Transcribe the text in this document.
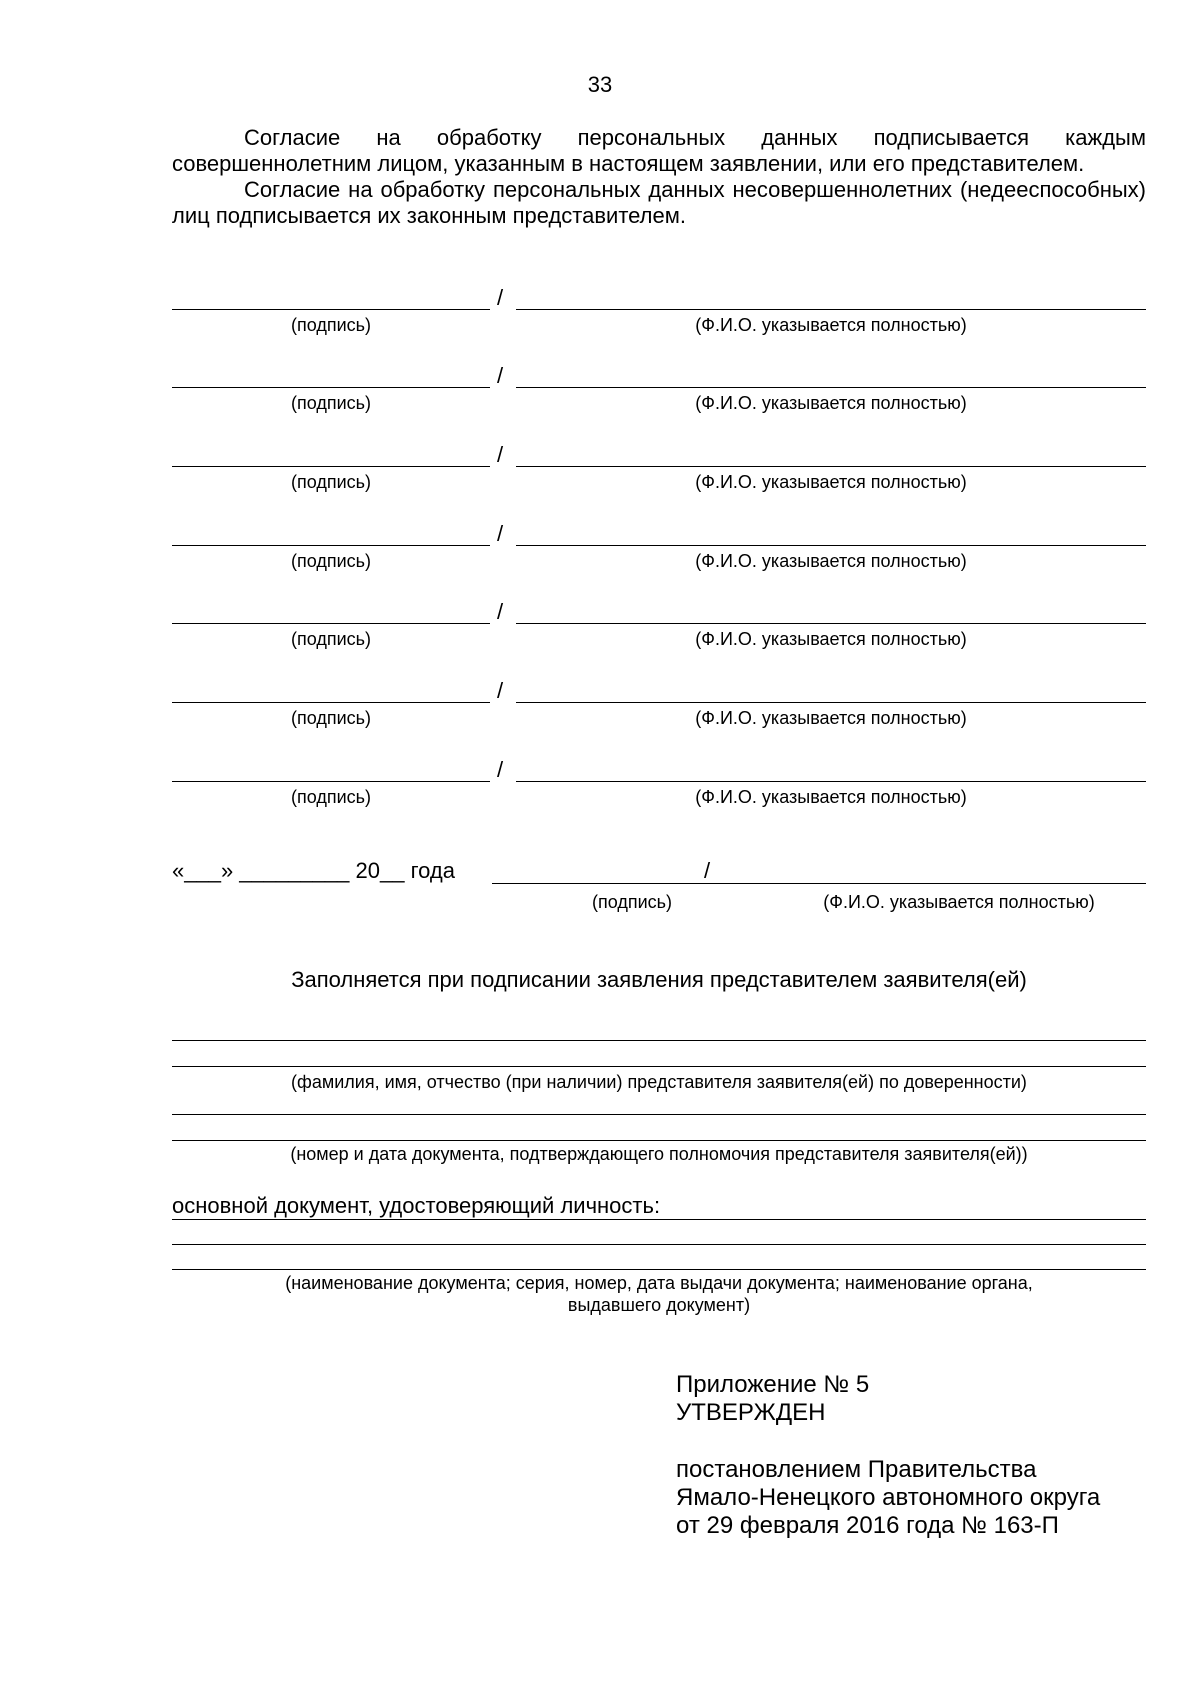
33

Согласие на обработку персональных данных подписывается каждым совершеннолетним лицом, указанным в настоящем заявлении, или его представителем.

Согласие на обработку персональных данных несовершеннолетних (недееспособных) лиц подписывается их законным представителем.

/
(подпись)	(Ф.И.О. указывается полностью)
/
(подпись)	(Ф.И.О. указывается полностью)
/
(подпись)	(Ф.И.О. указывается полностью)
/
(подпись)	(Ф.И.О. указывается полностью)
/
(подпись)	(Ф.И.О. указывается полностью)
/
(подпись)	(Ф.И.О. указывается полностью)
/
(подпись)	(Ф.И.О. указывается полностью)
«___» _________ 20__ года	/
(подпись)	(Ф.И.О. указывается полностью)
Заполняется при подписании заявления представителем заявителя(ей)
(фамилия, имя, отчество (при наличии) представителя заявителя(ей) по доверенности)
(номер и дата документа, подтверждающего полномочия представителя заявителя(ей))
основной документ, удостоверяющий личность:
(наименование документа; серия, номер, дата выдачи документа; наименование органа,
выдавшего документ)
Приложение № 5
УТВЕРЖДЕН
постановлением Правительства
Ямало-Ненецкого автономного округа
от 29 февраля 2016 года № 163-П
